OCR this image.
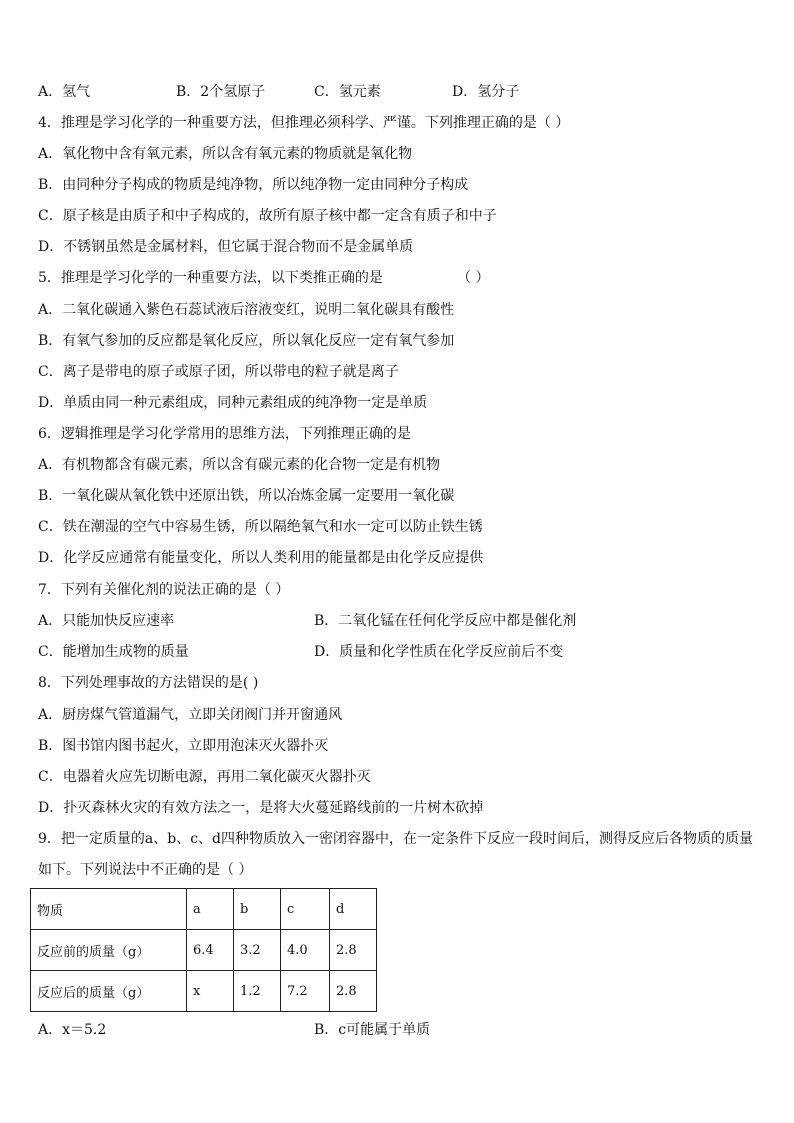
A．氢气	B．2个氢原子	C．氢元素	D．氢分子
4．推理是学习化学的一种重要方法，但推理必须科学、严谨。下列推理正确的是（ ）
A．氧化物中含有氧元素，所以含有氧元素的物质就是氧化物
B．由同种分子构成的物质是纯净物，所以纯净物一定由同种分子构成
C．原子核是由质子和中子构成的，故所有原子核中都一定含有质子和中子
D．不锈钢虽然是金属材料，但它属于混合物而不是金属单质
5．推理是学习化学的一种重要方法，以下类推正确的是	（ ）
A．二氧化碳通入紫色石蕊试液后溶液变红，说明二氧化碳具有酸性
B．有氧气参加的反应都是氧化反应，所以氧化反应一定有氧气参加
C．离子是带电的原子或原子团，所以带电的粒子就是离子
D．单质由同一种元素组成，同种元素组成的纯净物一定是单质
6．逻辑推理是学习化学常用的思维方法，下列推理正确的是
A．有机物都含有碳元素，所以含有碳元素的化合物一定是有机物
B．一氧化碳从氧化铁中还原出铁，所以冶炼金属一定要用一氧化碳
C．铁在潮湿的空气中容易生锈，所以隔绝氧气和水一定可以防止铁生锈
D．化学反应通常有能量变化，所以人类利用的能量都是由化学反应提供
7．下列有关催化剂的说法正确的是（ ）
A．只能加快反应速率	B．二氧化锰在任何化学反应中都是催化剂
C．能增加生成物的质量	D．质量和化学性质在化学反应前后不变
8．下列处理事故的方法错误的是( )
A．厨房煤气管道漏气，立即关闭阀门并开窗通风
B．图书馆内图书起火，立即用泡沫灭火器扑灭
C．电器着火应先切断电源，再用二氧化碳灭火器扑灭
D．扑灭森林火灾的有效方法之一，是将大火蔓延路线前的一片树木砍掉
9．把一定质量的a、b、c、d四种物质放入一密闭容器中，在一定条件下反应一段时间后，测得反应后各物质的质量
如下。下列说法中不正确的是（ ）
物质	a	b	c	d
反应前的质量（g）	6.4	3.2	4.0	2.8
反应后的质量（g）	x	1.2	7.2	2.8
A．x＝5.2	B．c可能属于单质
